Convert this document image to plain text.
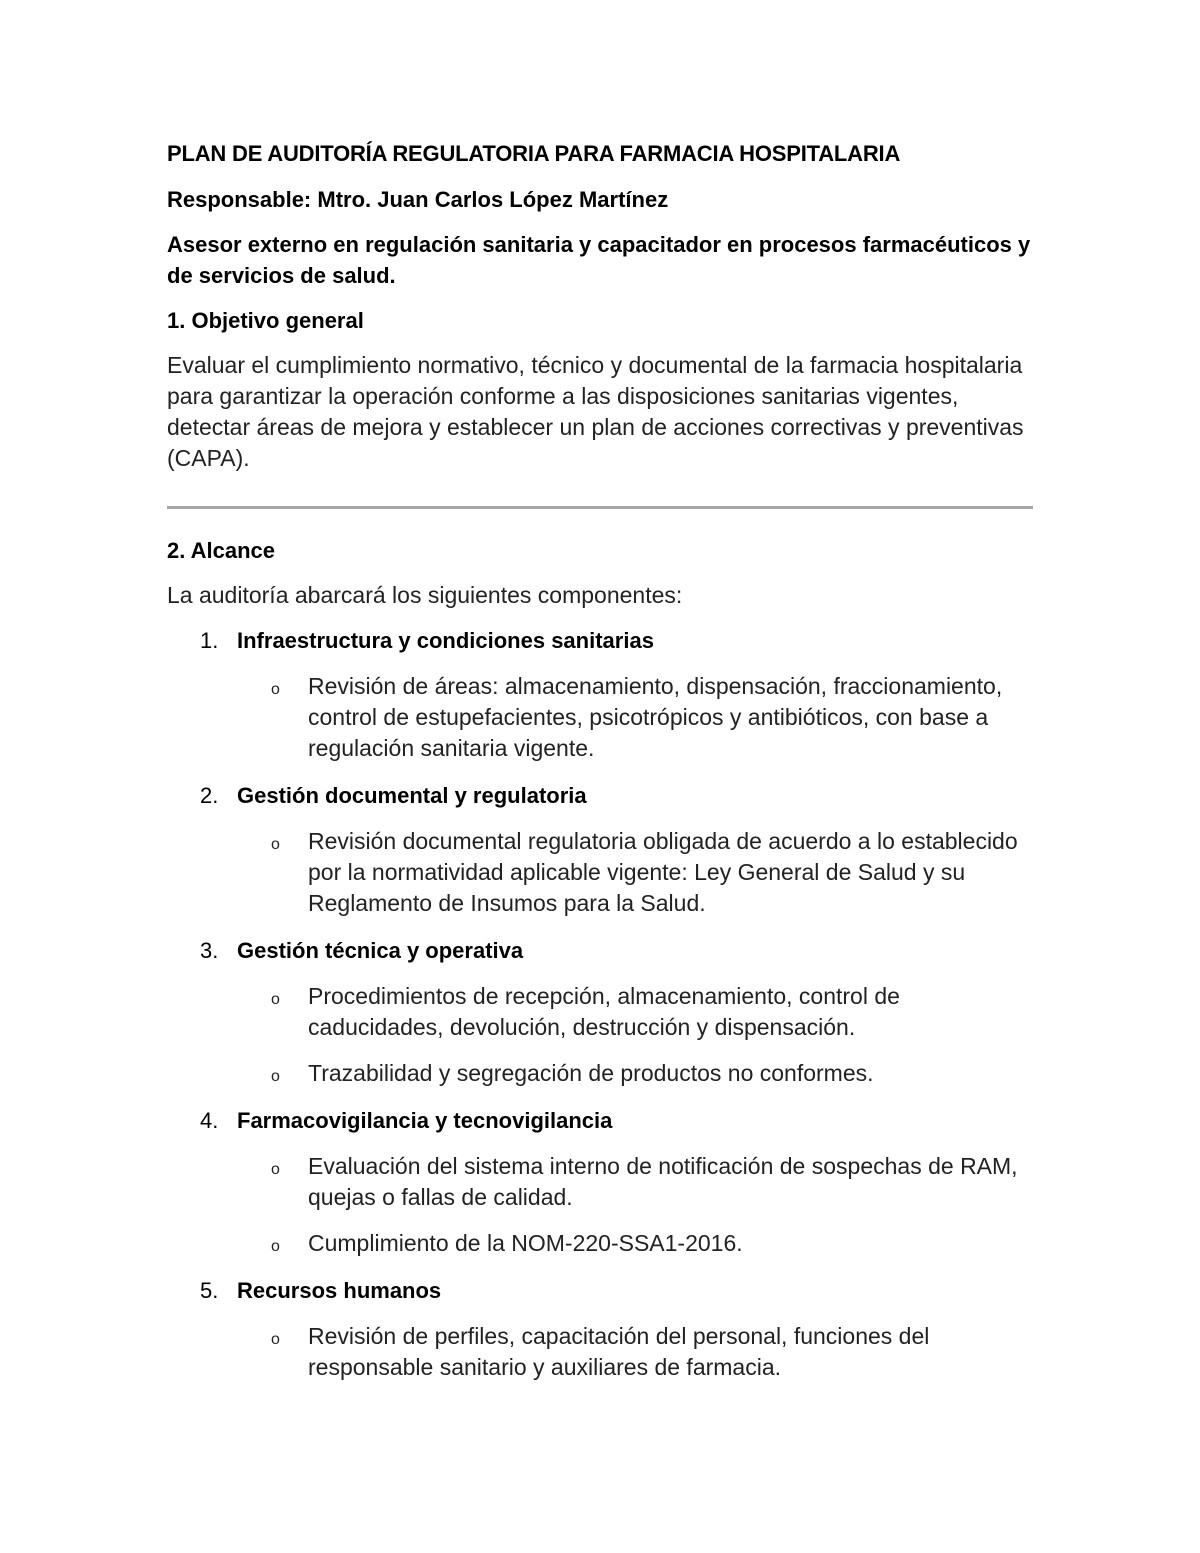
PLAN DE AUDITORÍA REGULATORIA PARA FARMACIA HOSPITALARIA
Responsable: Mtro. Juan Carlos López Martínez
Asesor externo en regulación sanitaria y capacitador en procesos farmacéuticos y de servicios de salud.
1. Objetivo general

Evaluar el cumplimiento normativo, técnico y documental de la farmacia hospitalaria para garantizar la operación conforme a las disposiciones sanitarias vigentes, detectar áreas de mejora y establecer un plan de acciones correctivas y preventivas (CAPA).

2. Alcance

La auditoría abarcará los siguientes componentes:

1. Infraestructura y condiciones sanitarias
o	Revisión de áreas: almacenamiento, dispensación, fraccionamiento, control de estupefacientes, psicotrópicos y antibióticos, con base a regulación sanitaria vigente.
2. Gestión documental y regulatoria
o	Revisión documental regulatoria obligada de acuerdo a lo establecido por la normatividad aplicable vigente: Ley General de Salud y su Reglamento de Insumos para la Salud.
3. Gestión técnica y operativa
o	Procedimientos de recepción, almacenamiento, control de caducidades, devolución, destrucción y dispensación.
o	Trazabilidad y segregación de productos no conformes.
4. Farmacovigilancia y tecnovigilancia
o	Evaluación del sistema interno de notificación de sospechas de RAM, quejas o fallas de calidad.
o	Cumplimiento de la NOM-220-SSA1-2016.
5. Recursos humanos
o	Revisión de perfiles, capacitación del personal, funciones del responsable sanitario y auxiliares de farmacia.
